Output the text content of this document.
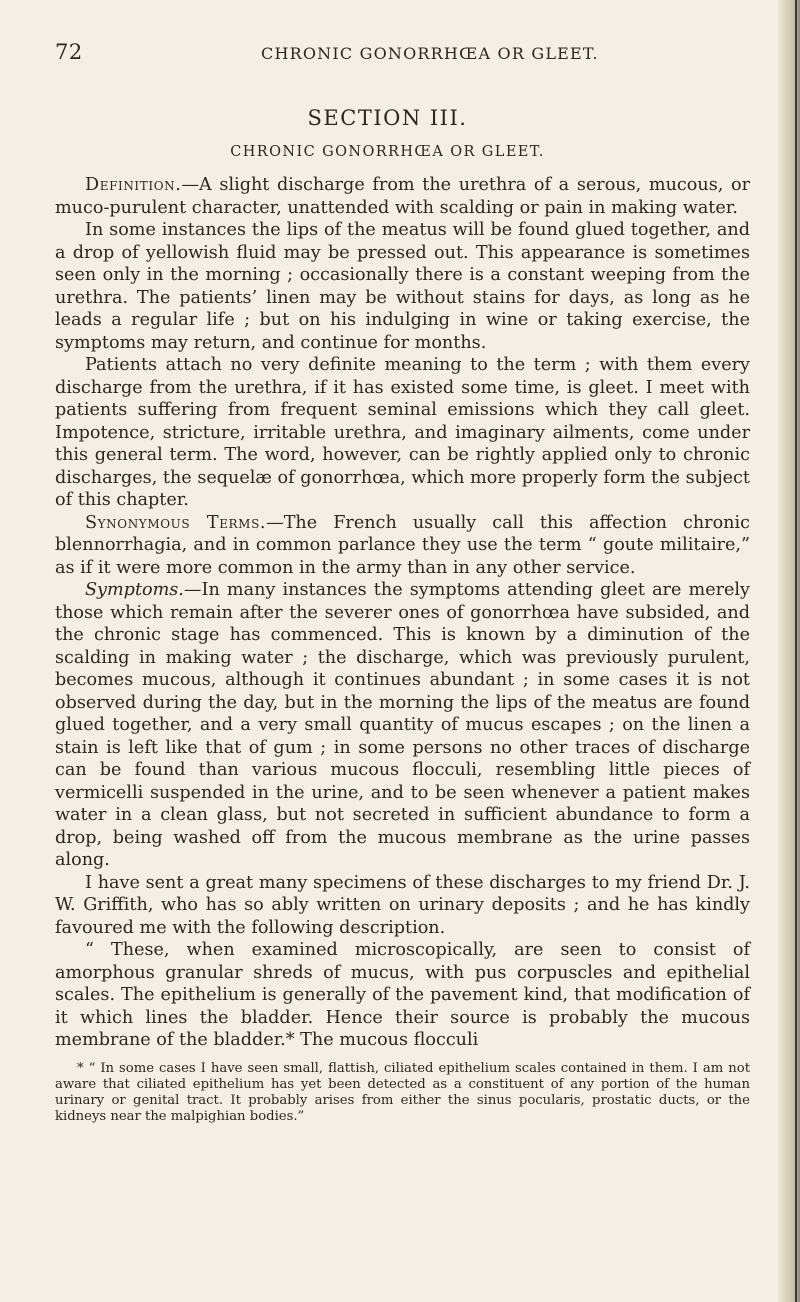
72	CHRONIC GONORRHŒA OR GLEET.
SECTION III.
CHRONIC GONORRHŒA OR GLEET.

Definition.—A slight discharge from the urethra of a serous, mucous, or muco-purulent character, unattended with scalding or pain in making water.

In some instances the lips of the meatus will be found glued together, and a drop of yellowish fluid may be pressed out. This appearance is sometimes seen only in the morning ; occasionally there is a constant weeping from the urethra. The patients’ linen may be without stains for days, as long as he leads a regular life ; but on his indulging in wine or taking exercise, the symptoms may return, and continue for months.

Patients attach no very definite meaning to the term ; with them every discharge from the urethra, if it has existed some time, is gleet. I meet with patients suffering from frequent seminal emissions which they call gleet. Impotence, stricture, irritable urethra, and imaginary ailments, come under this general term. The word, however, can be rightly applied only to chronic discharges, the sequelæ of gonorrhœa, which more properly form the subject of this chapter.

Synonymous Terms.—The French usually call this affection chronic blennorrhagia, and in common parlance they use the term “ goute militaire,” as if it were more common in the army than in any other service.

Symptoms.—In many instances the symptoms attending gleet are merely those which remain after the severer ones of gonorrhœa have subsided, and the chronic stage has commenced. This is known by a diminution of the scalding in making water ; the discharge, which was previously purulent, becomes mucous, although it continues abundant ; in some cases it is not observed during the day, but in the morning the lips of the meatus are found glued together, and a very small quantity of mucus escapes ; on the linen a stain is left like that of gum ; in some persons no other traces of discharge can be found than various mucous flocculi, resembling little pieces of vermicelli suspended in the urine, and to be seen whenever a patient makes water in a clean glass, but not secreted in sufficient abundance to form a drop, being washed off from the mucous membrane as the urine passes along.

I have sent a great many specimens of these discharges to my friend Dr. J. W. Griffith, who has so ably written on urinary deposits ; and he has kindly favoured me with the following description.

“ These, when examined microscopically, are seen to consist of amorphous granular shreds of mucus, with pus corpuscles and epithelial scales. The epithelium is generally of the pavement kind, that modification of it which lines the bladder. Hence their source is probably the mucous membrane of the bladder.* The mucous flocculi

* “ In some cases I have seen small, flattish, ciliated epithelium scales contained in them. I am not aware that ciliated epithelium has yet been detected as a constituent of any portion of the human urinary or genital tract. It probably arises from either the sinus pocularis, prostatic ducts, or the kidneys near the malpighian bodies.”
